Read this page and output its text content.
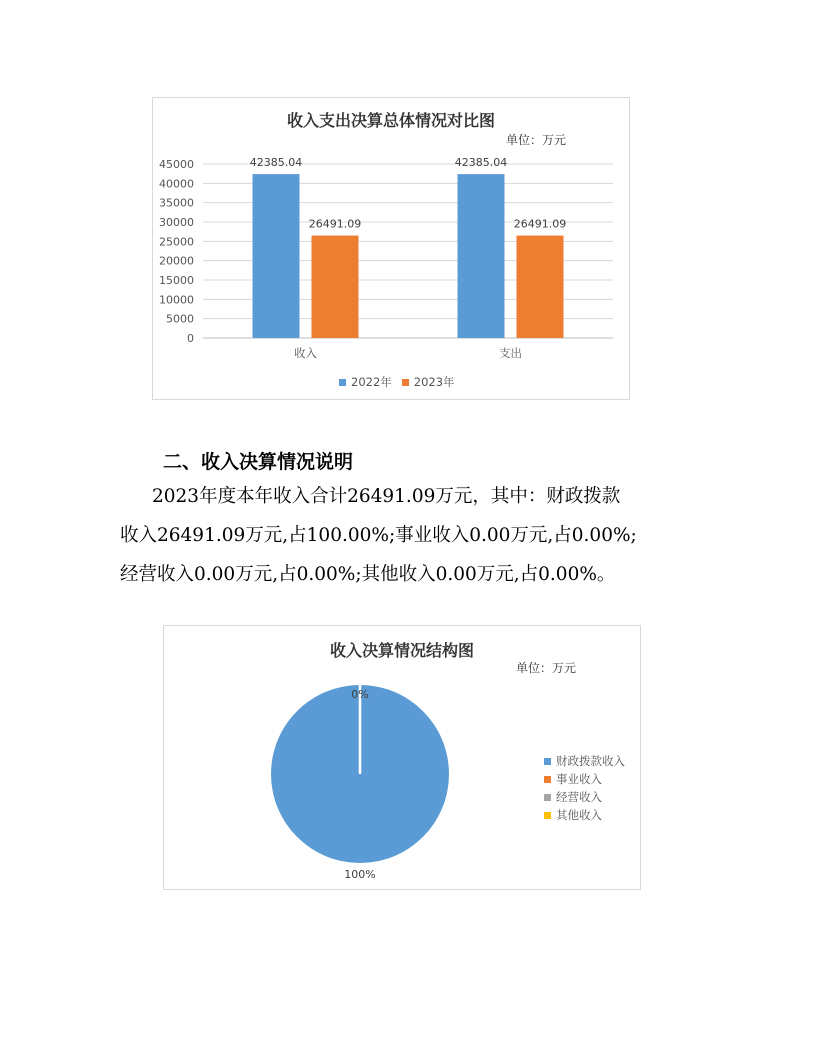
收入支出决算总体情况对比图
单位：万元
0
5000
10000
15000
20000
25000
30000
35000
40000
45000	42385.04
26491.09
收入
42385.04
26491.09
支出
2022年 2023年
二、收入决算情况说明
2023年度本年收入合计26491.09万元，其中：财政拨款
收入26491.09万元,占100.00%;事业收入0.00万元,占0.00%;
经营收入0.00万元,占0.00%;其他收入0.00万元,占0.00%。
收入决算情况结构图
单位：万元
100%
0%
财政拨款收入
事业收入
经营收入
其他收入
